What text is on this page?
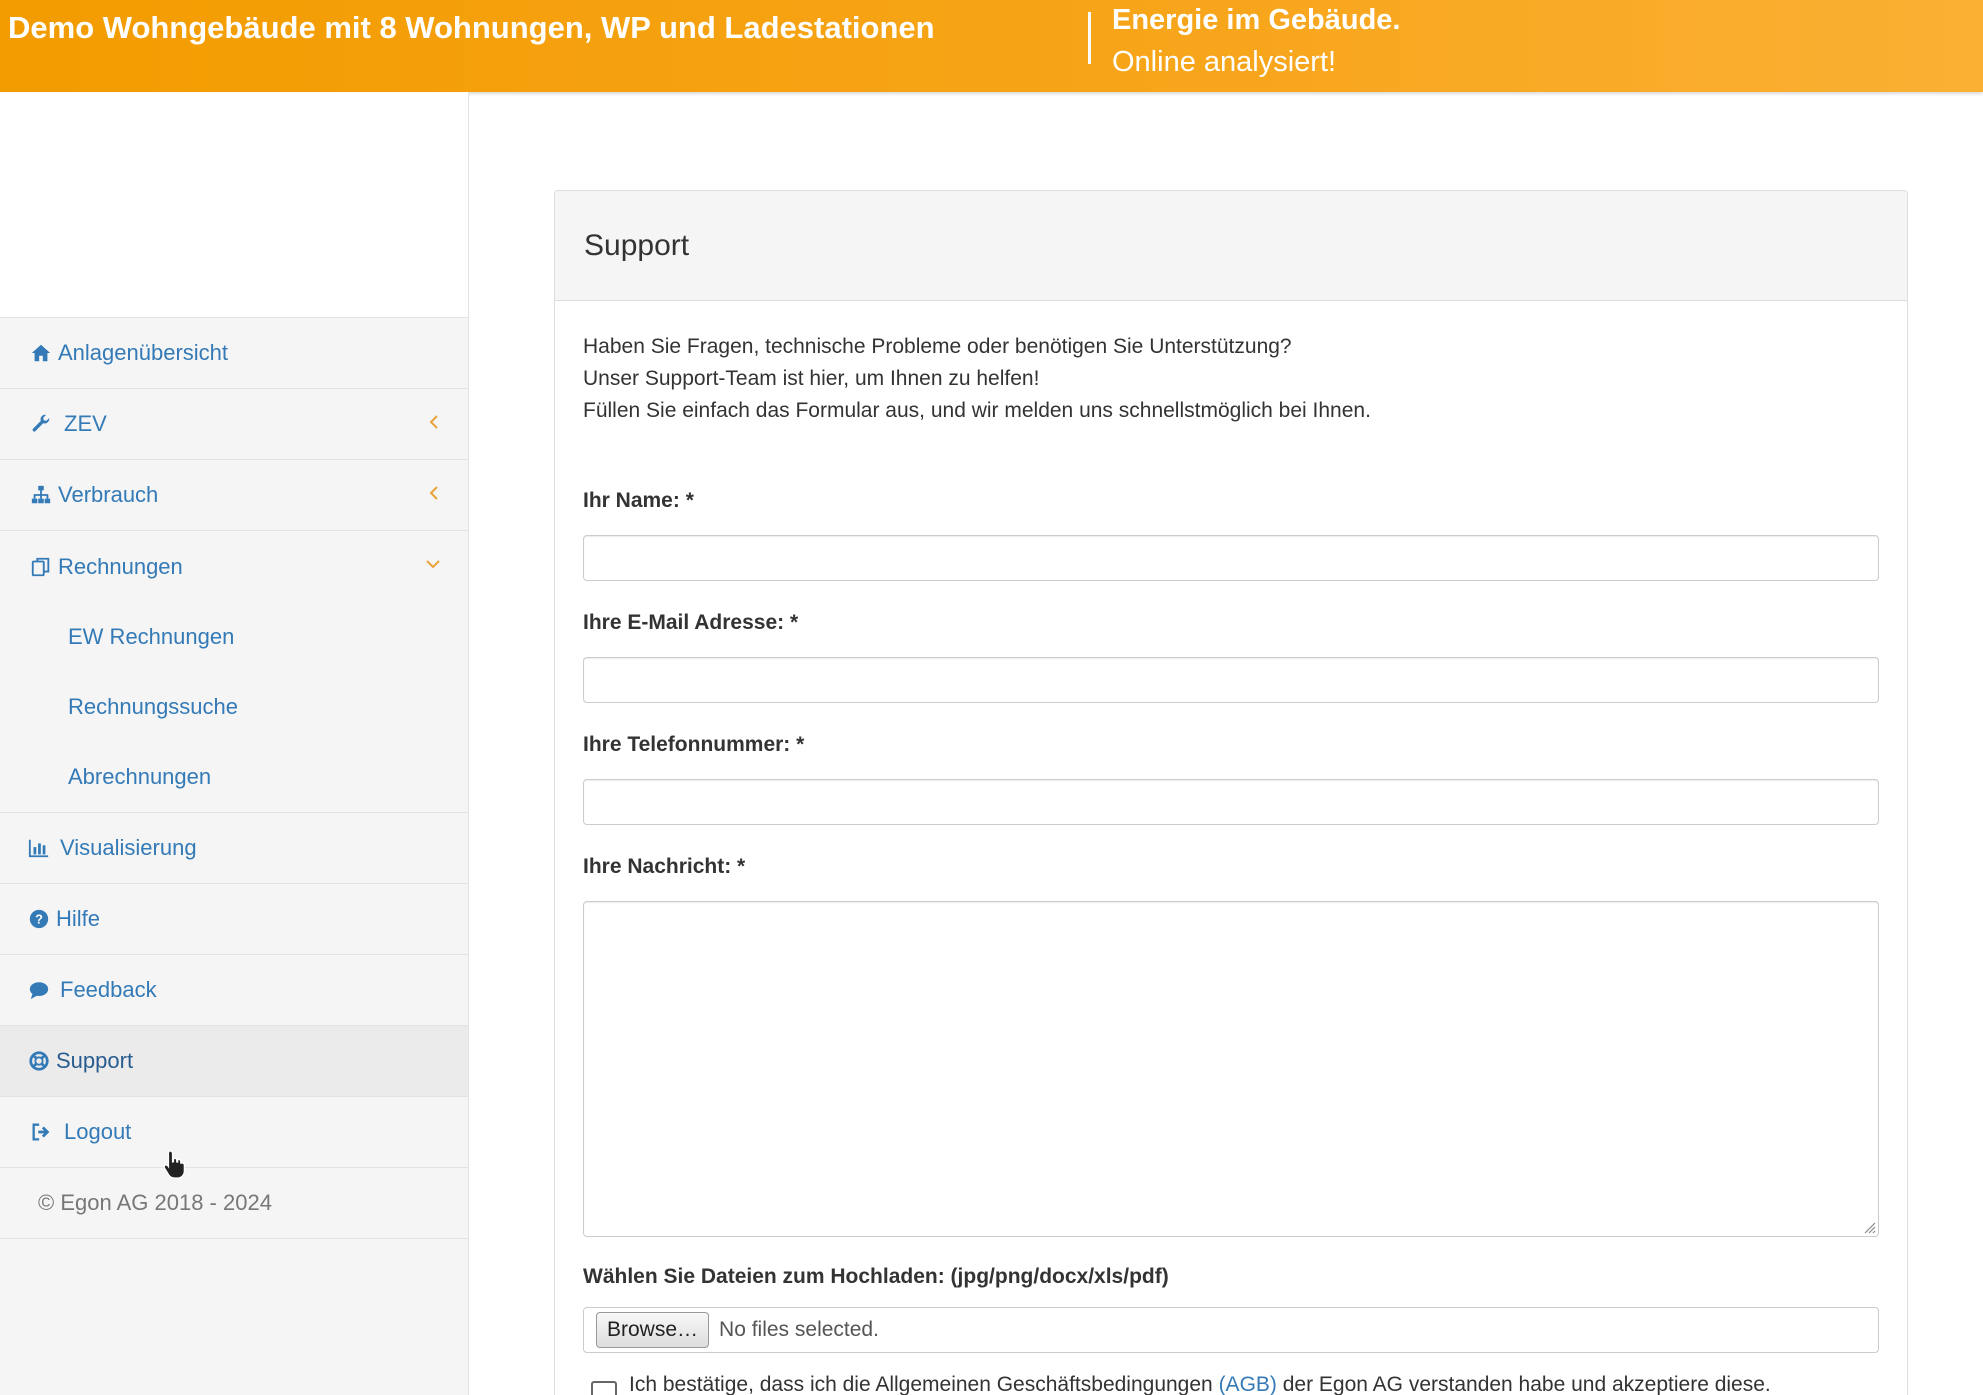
Demo Wohngebäude mit 8 Wohnungen, WP und Ladestationen	Energie im Gebäude.
Online analysiert!
Anlagenübersicht
ZEV
Verbrauch
Rechnungen
EW Rechnungen
Rechnungssuche
Abrechnungen
Visualisierung
? Hilfe
Feedback
Support
Logout
© Egon AG 2018 - 2024
Support

Haben Sie Fragen, technische Probleme oder benötigen Sie Unterstützung?

Unser Support-Team ist hier, um Ihnen zu helfen!

Füllen Sie einfach das Formular aus, und wir melden uns schnellstmöglich bei Ihnen.

Ihr Name: *
Ihre E-Mail Adresse: *
Ihre Telefonnummer: *
Ihre Nachricht: *
Wählen Sie Dateien zum Hochladen: (jpg/png/docx/xls/pdf)
Browse…	No files selected.
Ich bestätige, dass ich die Allgemeinen Geschäftsbedingungen (AGB) der Egon AG verstanden habe und akzeptiere diese.
